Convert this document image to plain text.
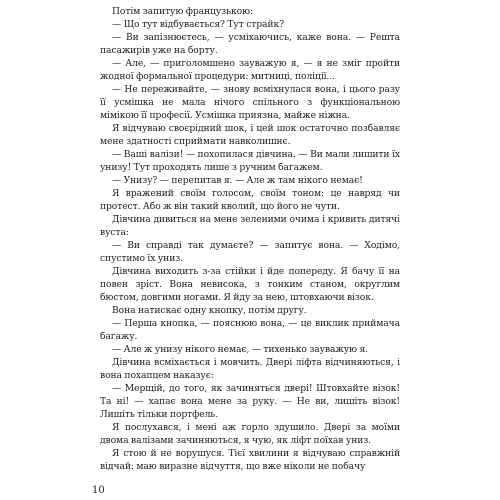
Потім запитую французькою:

— Що тут відбувається? Тут страйк?

— Ви запізнюєтесь, — усміхаючись, каже вона. — Решта пасажирів уже на борту.

— Але, — приголомшено зауважую я, — я не зміг пройти жодної формальної процедури: митниці, поліції...

— Не переживайте, — знову всміхнулася вона, і цього разу її усмішка не мала нічого спільного з функціональною мімікою її професії. Усмішка приязна, майже ніжна.

Я відчуваю своєрідний шок, і цей шок остаточно позбавляє мене здатності сприймати навколишнє.

— Ваші валізи! — похопилася дівчина. — Ви мали лишити їх унизу! Тут проходять лише з ручним багажем.

— Унизу? — перепитав я. — Але ж там нікого немає!

Я вражений своїм голосом, своїм тоном: це навряд чи протест. Або ж він такий кволий, що його не чути.

Дівчина дивиться на мене зеленими очима і кривить дитячі вуста:

— Ви справді так думаєте? — запитує вона. — Ходімо, спустимо їх униз.

Дівчина виходить з-за стійки і йде попереду. Я бачу її на повен зріст. Вона невисока, з тонким станом, округлим бюстом, довгими ногами. Я йду за нею, штовхаючи візок.

Вона натискає одну кнопку, потім другу.

— Перша кнопка, — пояснюю вона, — це виклик приймача багажу.

— Але ж унизу нікого немає, — тихенько зауважую я.

Дівчина всміхається і мовчить. Двері ліфта відчиняються, і вона похапцем наказує:

— Мерщій, до того, як зачиняться двері! Штовхайте візок! Та ні! — хапає вона мене за руку. — Не ви, лишіть візок! Лишіть тільки портфель.

Я послухався, і мені аж горло здушило. Двері за моїми двома валізами зачиняються, я чую, як ліфт поїхав униз.

Я стою й не ворушуся. Тієї хвилини я відчуваю справжній відчай: маю виразне відчуття, що вже ніколи не побачу

10
